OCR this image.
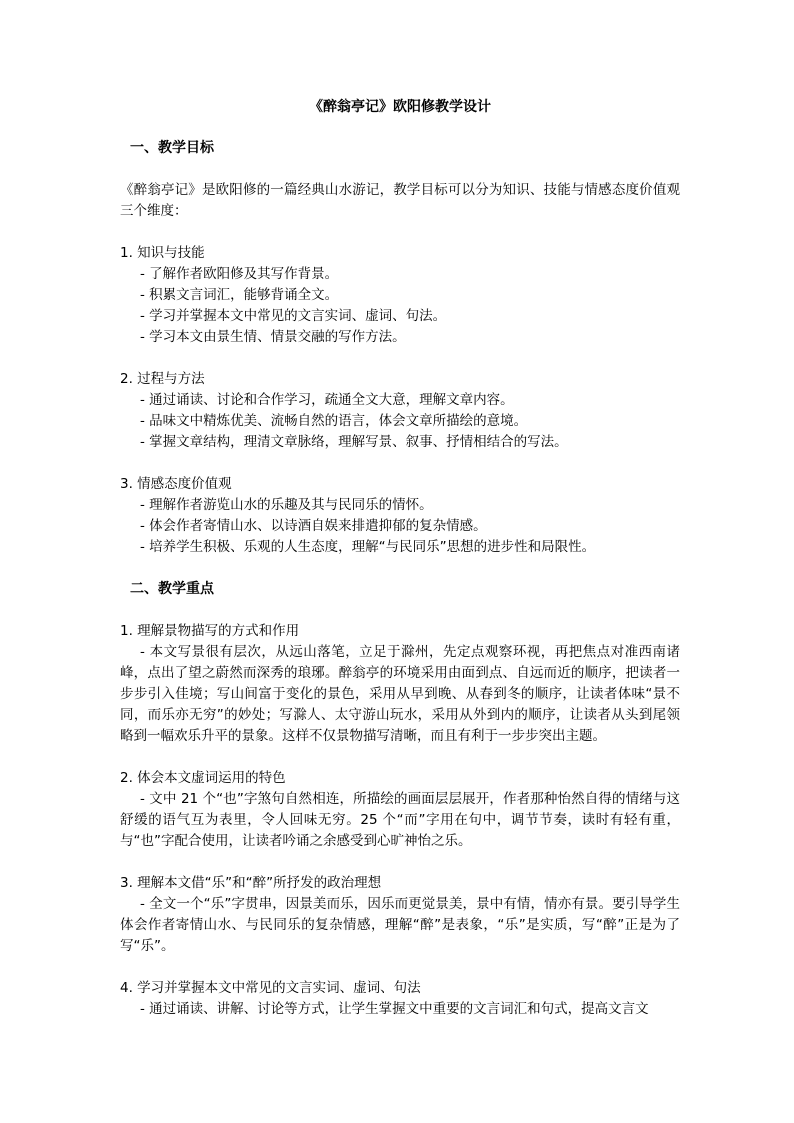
《醉翁亭记》欧阳修教学设计
一、教学目标
《醉翁亭记》是欧阳修的一篇经典山水游记，教学目标可以分为知识、技能与情感态度价值观三个维度：
1. 知识与技能
- 了解作者欧阳修及其写作背景。
- 积累文言词汇，能够背诵全文。
- 学习并掌握本文中常见的文言实词、虚词、句法。
- 学习本文由景生情、情景交融的写作方法。
2. 过程与方法
- 通过诵读、讨论和合作学习，疏通全文大意，理解文章内容。
- 品味文中精炼优美、流畅自然的语言，体会文章所描绘的意境。
- 掌握文章结构，理清文章脉络，理解写景、叙事、抒情相结合的写法。
3. 情感态度价值观
- 理解作者游览山水的乐趣及其与民同乐的情怀。
- 体会作者寄情山水、以诗酒自娱来排遣抑郁的复杂情感。
- 培养学生积极、乐观的人生态度，理解“与民同乐”思想的进步性和局限性。
二、教学重点
1. 理解景物描写的方式和作用
- 本文写景很有层次，从远山落笔，立足于滁州，先定点观察环视，再把焦点对准西南诸峰，点出了望之蔚然而深秀的琅琊。醉翁亭的环境采用由面到点、自远而近的顺序，把读者一步步引入佳境；写山间富于变化的景色，采用从早到晚、从春到冬的顺序，让读者体味“景不同，而乐亦无穷”的妙处；写滁人、太守游山玩水，采用从外到内的顺序，让读者从头到尾领略到一幅欢乐升平的景象。这样不仅景物描写清晰，而且有利于一步步突出主题。
2. 体会本文虚词运用的特色
- 文中 21 个“也”字煞句自然相连，所描绘的画面层层展开，作者那种怡然自得的情绪与这舒缓的语气互为表里，令人回味无穷。25 个“而”字用在句中，调节节奏，读时有轻有重，与“也”字配合使用，让读者吟诵之余感受到心旷神怡之乐。
3. 理解本文借“乐”和“醉”所抒发的政治理想
- 全文一个“乐”字贯串，因景美而乐，因乐而更觉景美，景中有情，情亦有景。要引导学生体会作者寄情山水、与民同乐的复杂情感，理解“醉”是表象，“乐”是实质，写“醉”正是为了写“乐”。
4. 学习并掌握本文中常见的文言实词、虚词、句法
- 通过诵读、讲解、讨论等方式，让学生掌握文中重要的文言词汇和句式，提高文言文
